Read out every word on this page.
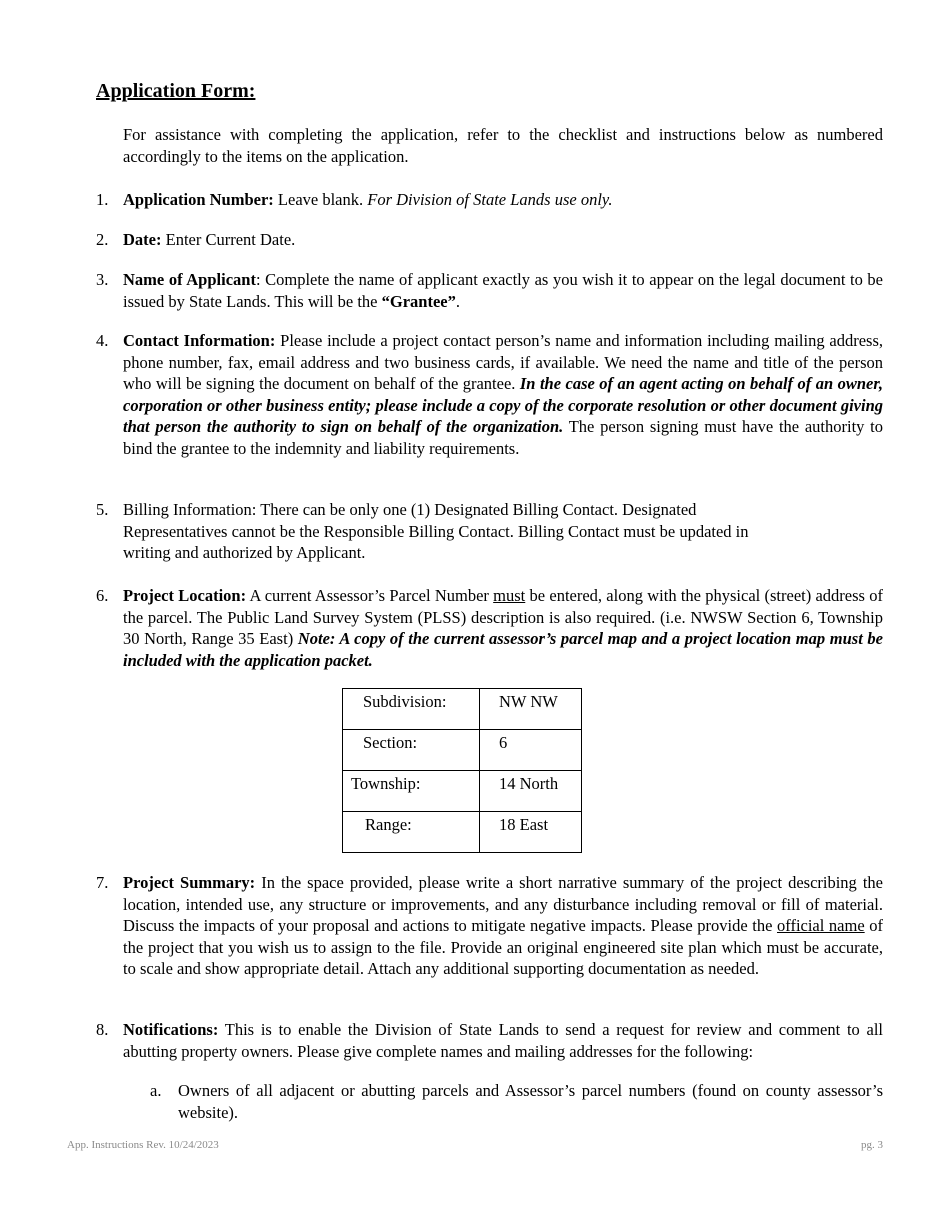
Application Form:
For assistance with completing the application, refer to the checklist and instructions below as numbered accordingly to the items on the application.
1. Application Number: Leave blank. For Division of State Lands use only.
2. Date: Enter Current Date.
3. Name of Applicant: Complete the name of applicant exactly as you wish it to appear on the legal document to be issued by State Lands. This will be the “Grantee”.
4. Contact Information: Please include a project contact person’s name and information including mailing address, phone number, fax, email address and two business cards, if available. We need the name and title of the person who will be signing the document on behalf of the grantee. In the case of an agent acting on behalf of an owner, corporation or other business entity; please include a copy of the corporate resolution or other document giving that person the authority to sign on behalf of the organization. The person signing must have the authority to bind the grantee to the indemnity and liability requirements.
5. Billing Information: There can be only one (1) Designated Billing Contact. Designated Representatives cannot be the Responsible Billing Contact. Billing Contact must be updated in writing and authorized by Applicant.
6. Project Location: A current Assessor’s Parcel Number must be entered, along with the physical (street) address of the parcel. The Public Land Survey System (PLSS) description is also required. (i.e. NWSW Section 6, Township 30 North, Range 35 East) Note: A copy of the current assessor’s parcel map and a project location map must be included with the application packet.
Subdivision:	NW NW

Section:	6

Township:	14 North

Range:	18 East
7. Project Summary: In the space provided, please write a short narrative summary of the project describing the location, intended use, any structure or improvements, and any disturbance including removal or fill of material. Discuss the impacts of your proposal and actions to mitigate negative impacts. Please provide the official name of the project that you wish us to assign to the file. Provide an original engineered site plan which must be accurate, to scale and show appropriate detail. Attach any additional supporting documentation as needed.
8. Notifications: This is to enable the Division of State Lands to send a request for review and comment to all abutting property owners. Please give complete names and mailing addresses for the following:
a.	Owners of all adjacent or abutting parcels and Assessor’s parcel numbers (found on county assessor’s website).
App. Instructions Rev. 10/24/2023	pg. 3
